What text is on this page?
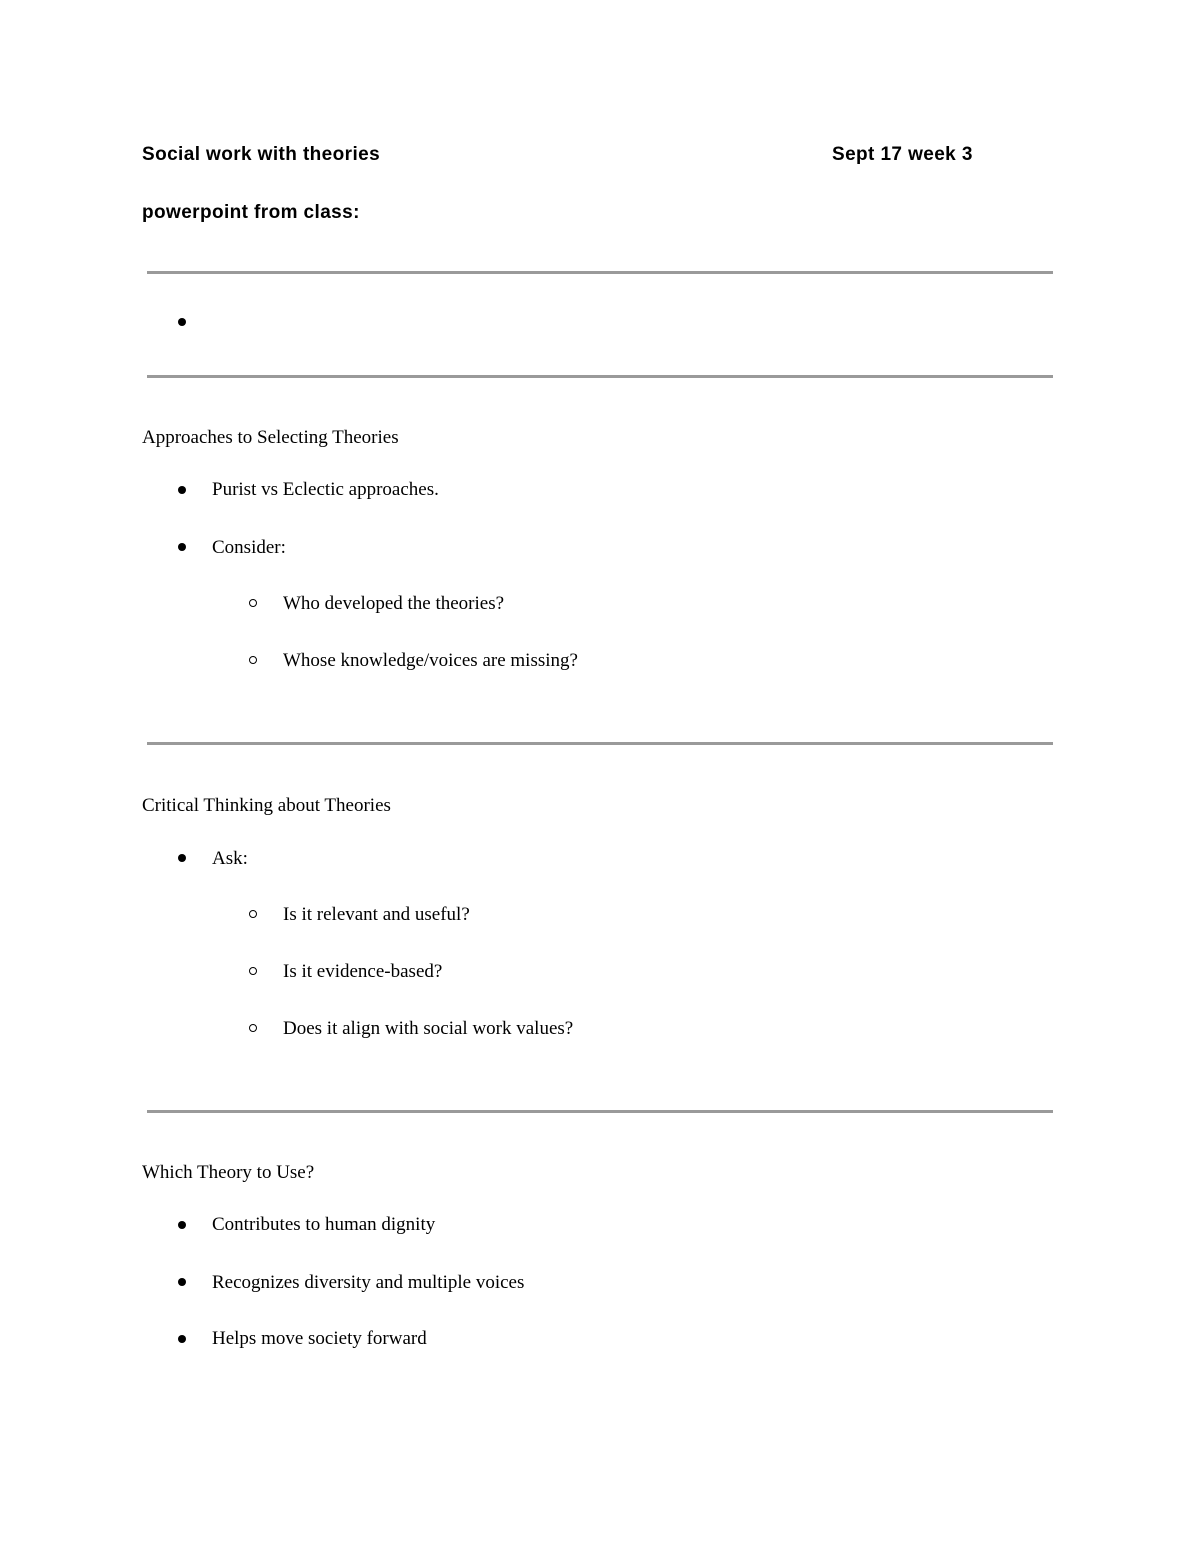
Social work with theories	Sept 17 week 3
powerpoint from class:
Approaches to Selecting Theories
Purist vs Eclectic approaches.
Consider:
Who developed the theories?
Whose knowledge/voices are missing?
Critical Thinking about Theories
Ask:
Is it relevant and useful?
Is it evidence-based?
Does it align with social work values?
Which Theory to Use?
Contributes to human dignity
Recognizes diversity and multiple voices
Helps move society forward
